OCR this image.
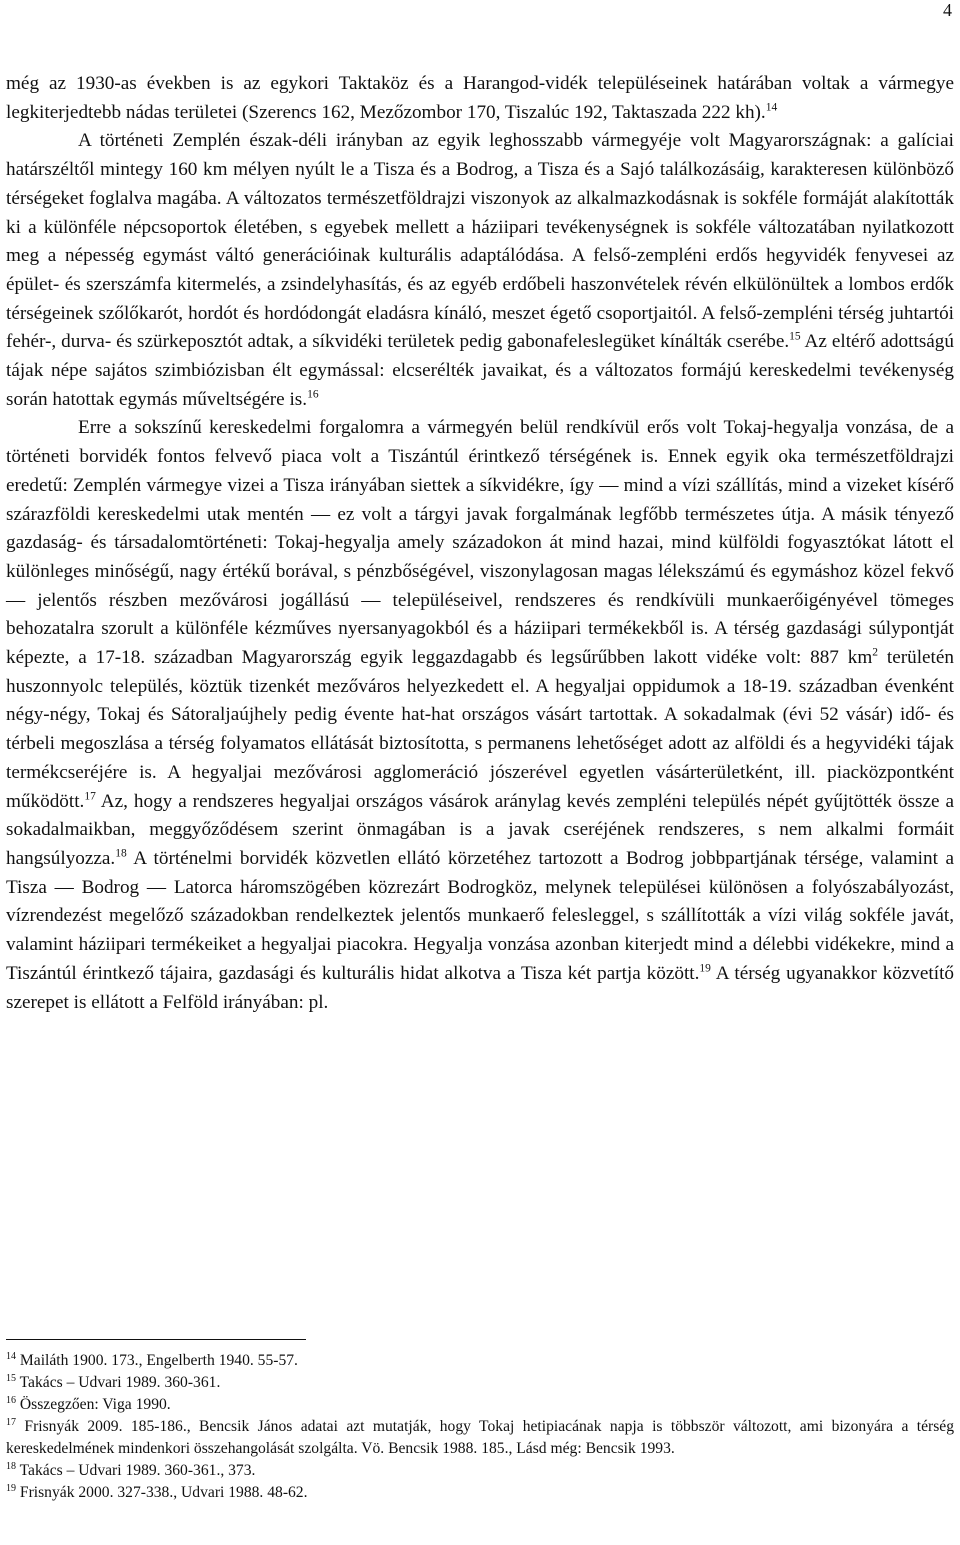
4

még az 1930-as években is az egykori Taktaköz és a Harangod-vidék településeinek határában voltak a vármegye legkiterjedtebb nádas területei (Szerencs 162, Mezőzombor 170, Tiszalúc 192, Taktaszada 222 kh).$^{14}$

A történeti Zemplén észak-déli irányban az egyik leghosszabb vármegyéje volt Magyarországnak: a galíciai határszéltől mintegy 160 km mélyen nyúlt le a Tisza és a Bodrog, a Tisza és a Sajó találkozásáig, karakteresen különböző térségeket foglalva magába. A változatos természetföldrajzi viszonyok az alkalmazkodásnak is sokféle formáját alakították ki a különféle népcsoportok életében, s egyebek mellett a háziipari tevékenységnek is sokféle változatában nyilatkozott meg a népesség egymást váltó generációinak kulturális adaptálódása. A felső-zempléni erdős hegyvidék fenyvesei az épület- és szerszámfa kitermelés, a zsindelyhasítás, és az egyéb erdőbeli haszonvételek révén elkülönültek a lombos erdők térségeinek szőlőkarót, hordót és hordódongát eladásra kínáló, meszet égető csoportjaitól. A felső-zempléni térség juhtartói fehér-, durva- és szürkeposztót adtak, a síkvidéki területek pedig gabonafeleslegüket kínálták cserébe.$^{15}$ Az eltérő adottságú tájak népe sajátos szimbiózisban élt egymással: elcserélték javaikat, és a változatos formájú kereskedelmi tevékenység során hatottak egymás műveltségére is.$^{16}$

Erre a sokszínű kereskedelmi forgalomra a vármegyén belül rendkívül erős volt Tokaj-hegyalja vonzása, de a történeti borvidék fontos felvevő piaca volt a Tiszántúl érintkező térségének is. Ennek egyik oka természetföldrajzi eredetű: Zemplén vármegye vizei a Tisza irányában siettek a síkvidékre, így — mind a vízi szállítás, mind a vizeket kísérő szárazföldi kereskedelmi utak mentén — ez volt a tárgyi javak forgalmának legfőbb természetes útja. A másik tényező gazdaság- és társadalomtörténeti: Tokaj-hegyalja amely századokon át mind hazai, mind külföldi fogyasztókat látott el különleges minőségű, nagy értékű borával, s pénzbőségével, viszonylagosan magas lélekszámú és egymáshoz közel fekvő — jelentős részben mezővárosi jogállású — településeivel, rendszeres és rendkívüli munkaerőigényével tömeges behozatalra szorult a különféle kézműves nyersanyagokból és a háziipari termékekből is. A térség gazdasági súlypontját képezte, a 17-18. században Magyarország egyik leggazdagabb és legsűrűbben lakott vidéke volt: 887 $km^2$ területén huszonnyolc település, köztük tizenkét mezőváros helyezkedett el. A hegyaljai oppidumok a 18-19. században évenként négy-négy, Tokaj és Sátoraljaújhely pedig évente hat-hat országos vásárt tartottak. A sokadalmak (évi 52 vásár) idő- és térbeli megoszlása a térség folyamatos ellátását biztosította, s permanens lehetőséget adott az alföldi és a hegyvidéki tájak termékcseréjére is. A hegyaljai mezővárosi agglomeráció jószerével egyetlen vásárterületként, ill. piacközpontként működött.$^{17}$ Az, hogy a rendszeres hegyaljai országos vásárok aránylag kevés zempléni település népét gyűjtötték össze a sokadalmaikban, meggyőződésem szerint önmagában is a javak cseréjének rendszeres, s nem alkalmi formáit hangsúlyozza.$^{18}$ A történelmi borvidék közvetlen ellátó körzetéhez tartozott a Bodrog jobbpartjának térsége, valamint a Tisza — Bodrog — Latorca háromszögében közrezárt Bodrogköz, melynek települései különösen a folyószabályozást, vízrendezést megelőző századokban rendelkeztek jelentős munkaerő felesleggel, s szállították a vízi világ sokféle javát, valamint háziipari termékeiket a hegyaljai piacokra. Hegyalja vonzása azonban kiterjedt mind a délebbi vidékekre, mind a Tiszántúl érintkező tájaira, gazdasági és kulturális hidat alkotva a Tisza két partja között.$^{19}$ A térség ugyanakkor közvetítő szerepet is ellátott a Felföld irányában: pl.

$^{14}$ Mailáth 1900. 173., Engelberth 1940. 55-57.

$^{15}$ Takács – Udvari 1989. 360-361.

$^{16}$ Összegzően: Viga 1990.

$^{17}$ Frisnyák 2009. 185-186., Bencsik János adatai azt mutatják, hogy Tokaj hetipiacának napja is többször változott, ami bizonyára a térség kereskedelmének mindenkori összehangolását szolgálta. Vö. Bencsik 1988. 185., Lásd még: Bencsik 1993.

$^{18}$ Takács – Udvari 1989. 360-361., 373.

$^{19}$ Frisnyák 2000. 327-338., Udvari 1988. 48-62.
